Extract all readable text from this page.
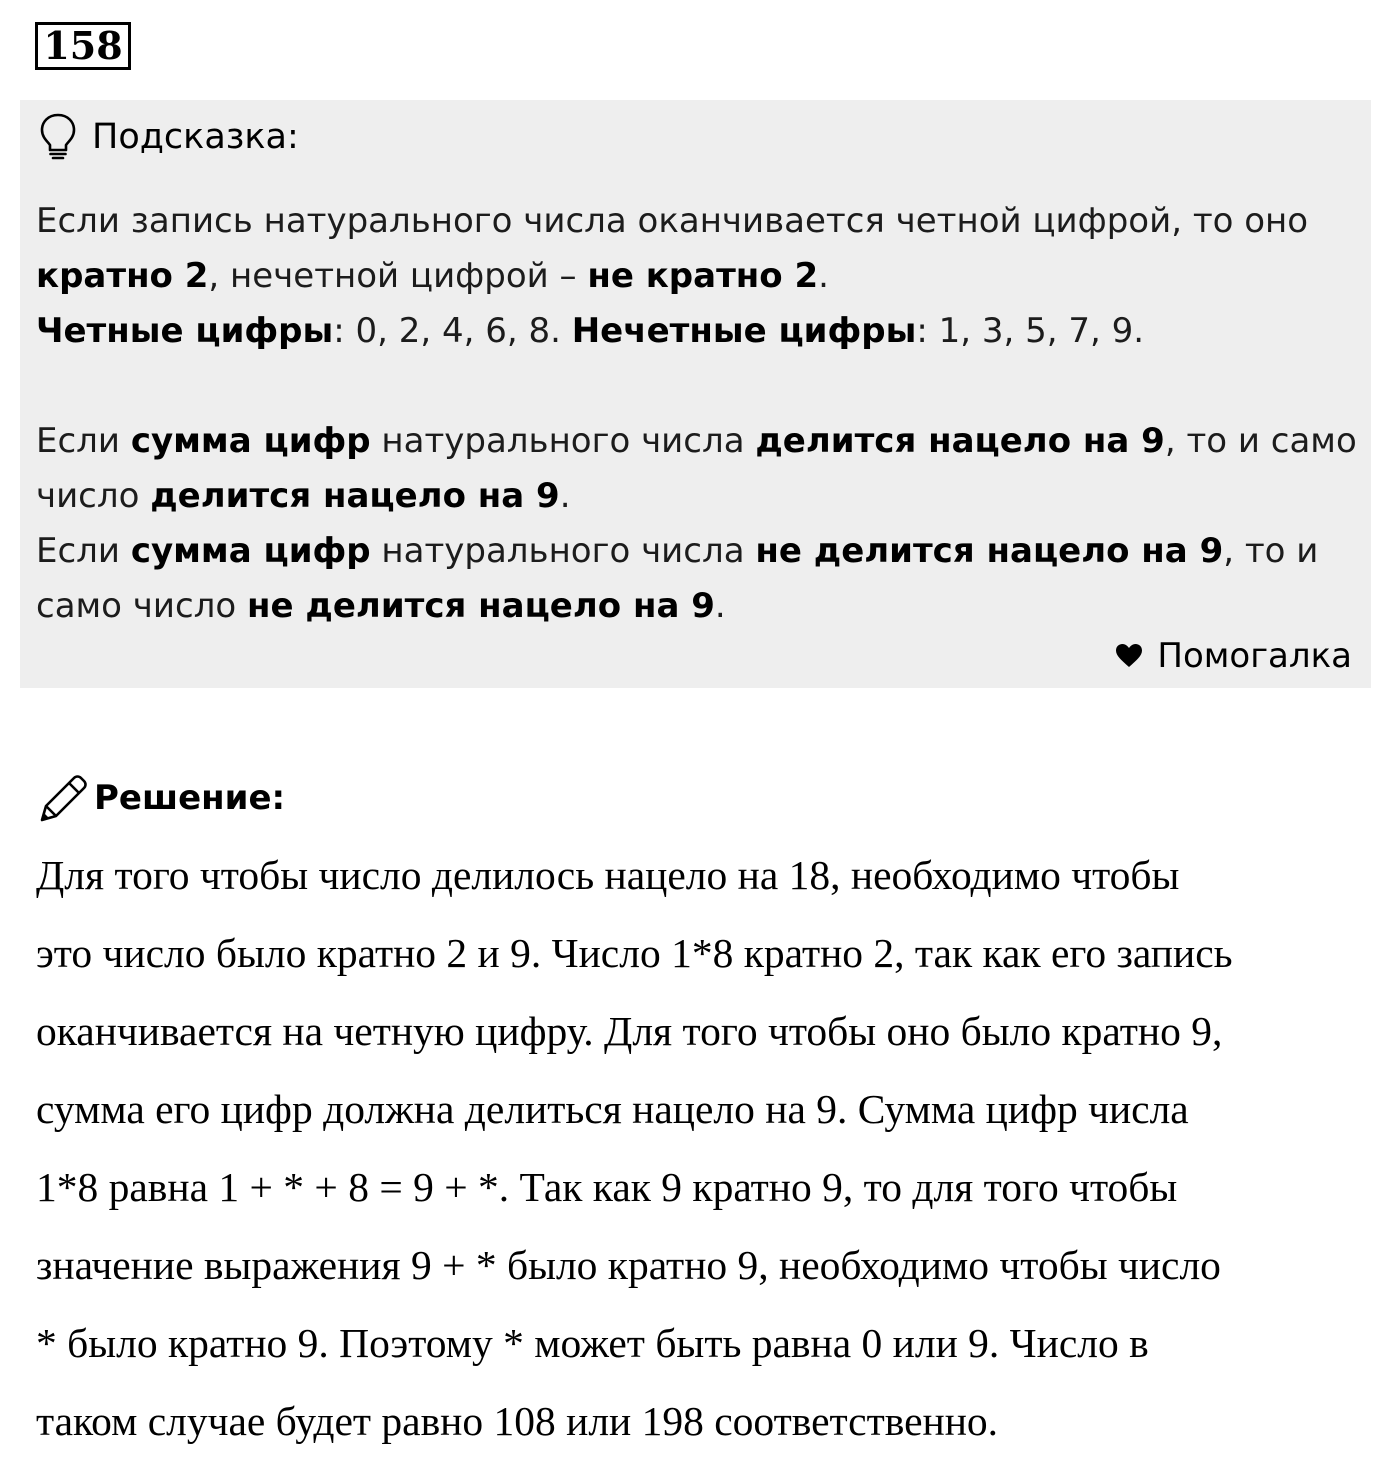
158
Подсказка:

Если запись натурального числа оканчивается четной цифрой, то оно кратно 2, нечетной цифрой – не кратно 2.

Четные цифры: 0, 2, 4, 6, 8. Нечетные цифры: 1, 3, 5, 7, 9.

Если сумма цифр натурального числа делится нацело на 9, то и само число делится нацело на 9.

Если сумма цифр натурального числа не делится нацело на 9, то и само число не делится нацело на 9.

Помогалка
Решение:
Для того чтобы число делилось нацело на 18, необходимо чтобы
это число было кратно 2 и 9. Число 1*8 кратно 2, так как его запись
оканчивается на четную цифру. Для того чтобы оно было кратно 9,
сумма его цифр должна делиться нацело на 9. Сумма цифр числа
1*8 равна 1 + * + 8 = 9 + *. Так как 9 кратно 9, то для того чтобы
значение выражения 9 + * было кратно 9, необходимо чтобы число
* было кратно 9. Поэтому * может быть равна 0 или 9. Число в
таком случае будет равно 108 или 198 соответственно.
